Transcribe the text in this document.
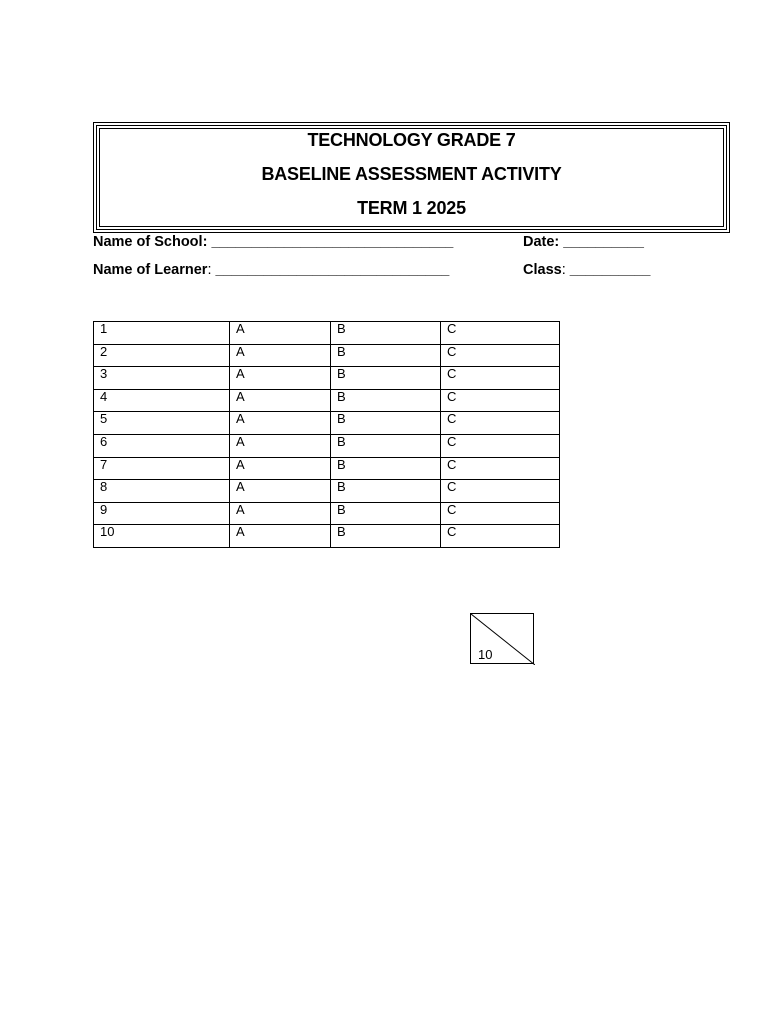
TECHNOLOGY GRADE 7
BASELINE ASSESSMENT ACTIVITY
TERM 1 2025
Name of School: ______________________________	Date: __________
Name of Learner: _____________________________	Class: __________
1	A	B	C
2	A	B	C
3	A	B	C
4	A	B	C
5	A	B	C
6	A	B	C
7	A	B	C
8	A	B	C
9	A	B	C
10	A	B	C
10
